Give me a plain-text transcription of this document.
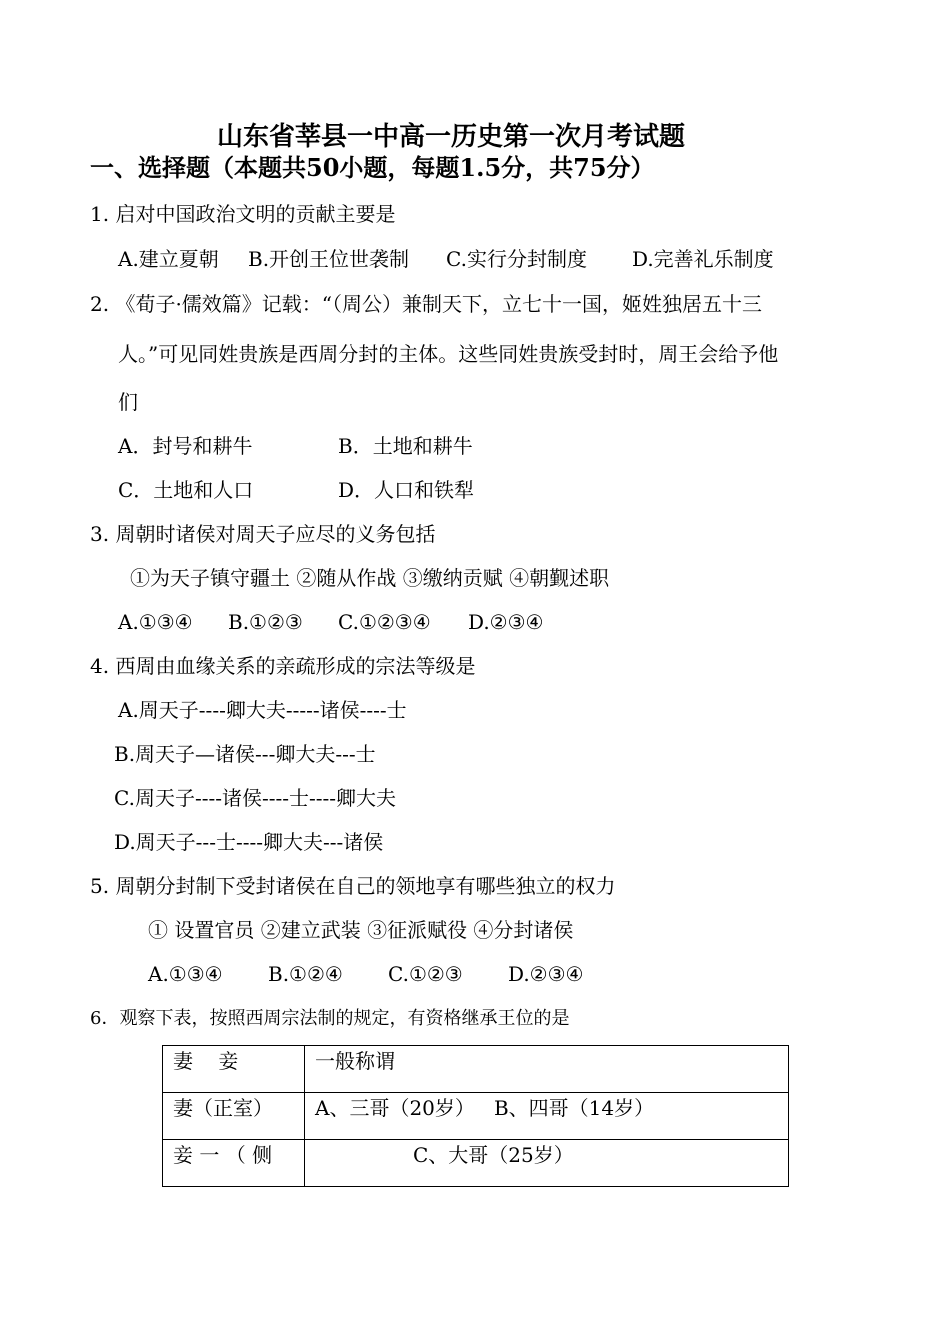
山东省莘县一中高一历史第一次月考试题
一、选择题（本题共50小题，每题1.5分，共75分）
1. 启对中国政治文明的贡献主要是
A.建立夏朝 B.开创王位世袭制 C.实行分封制度 D.完善礼乐制度
2. 《荀子·儒效篇》记载：“（周公）兼制天下，立七十一国，姬姓独居五十三
人。”可见同姓贵族是西周分封的主体。这些同姓贵族受封时，周王会给予他
们
A．封号和耕牛	B．土地和耕牛
C．土地和人口	D．人口和铁犁
3. 周朝时诸侯对周天子应尽的义务包括
①为天子镇守疆土 ②随从作战 ③缴纳贡赋 ④朝觐述职
A.①③④ B.①②③ C.①②③④ D.②③④
4. 西周由血缘关系的亲疏形成的宗法等级是
A.周天子----卿大夫-----诸侯----士
B.周天子—诸侯---卿大夫---士
C.周天子----诸侯----士----卿大夫
D.周天子---士----卿大夫---诸侯
5. 周朝分封制下受封诸侯在自己的领地享有哪些独立的权力
① 设置官员 ②建立武装 ③征派赋役 ④分封诸侯
A.①③④ B.①②④ C.①②③ D.②③④
6．观察下表，按照西周宗法制的规定，有资格继承王位的是
妻    妾	一般称谓
妻（正室）	A、三哥（20岁）   B、四哥（14岁）
妾 一 （ 侧	C、大哥（25岁）
